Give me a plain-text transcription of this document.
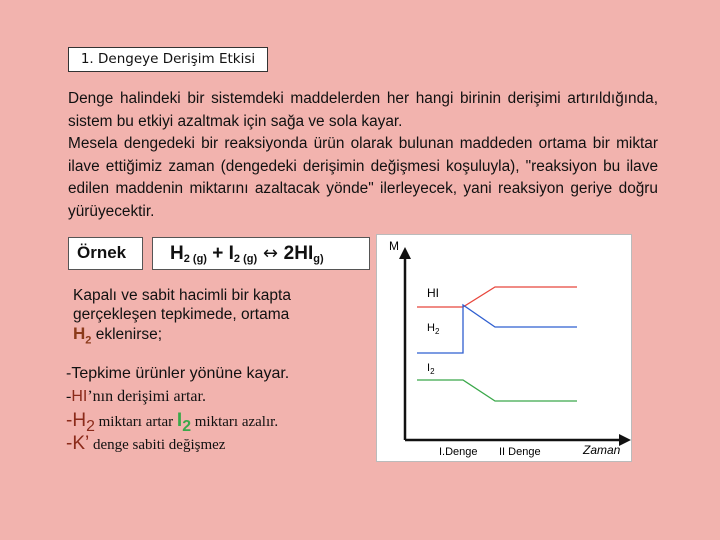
1. Dengeye Derişim Etkisi

Denge halindeki bir sistemdeki maddelerden her hangi birinin derişimi artırıldığında, sistem bu etkiyi azaltmak için sağa ve sola kayar.

Mesela dengedeki bir reaksiyonda ürün olarak bulunan maddeden ortama bir miktar ilave ettiğimiz zaman (dengedeki derişimin değişmesi koşuluyla), "reaksiyon bu ilave edilen maddenin miktarını azaltacak yönde" ilerleyecek, yani reaksiyon geriye doğru yürüyecektir.

Örnek	$H_{2 (g)} + I_{2 (g)}$ ↔ $2HI_{g)}$
Kapalı ve sabit hacimli bir kapta gerçekleşen tepkimede, ortama
$H_2$ eklenirse;
-Tepkime ürünler yönüne kayar.
-HI’nın derişimi artar.
$-H_2$ miktarı artar $I_2$ miktarı azalır.
-K’ denge sabiti değişmez
M
Zaman
HI
$H_2$
$I_2$
I.Denge II Denge
